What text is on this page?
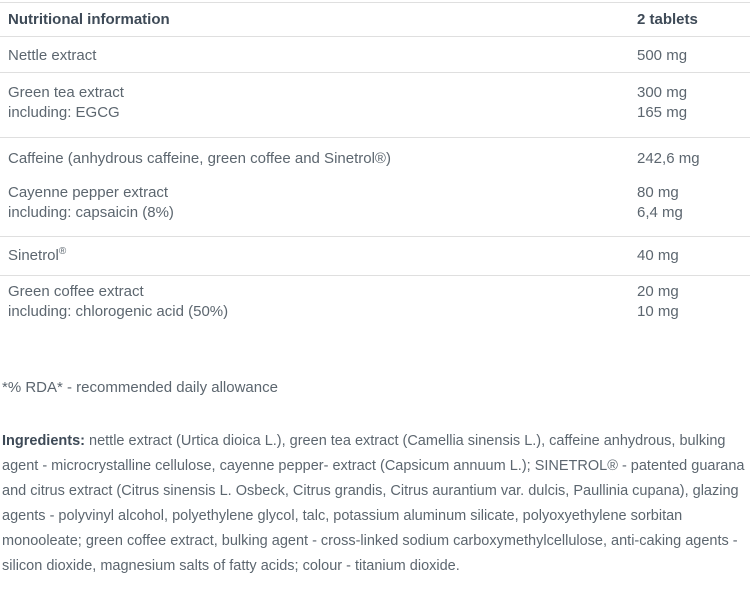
Nutritional information	2 tablets
Nettle extract	500 mg
Green tea extract	300 mg
including: EGCG	165 mg
Caffeine (anhydrous caffeine, green coffee and Sinetrol®)	242,6 mg
Cayenne pepper extract	80 mg
including: capsaicin (8%)	6,4 mg
Sinetrol®	40 mg
Green coffee extract	20 mg
including: chlorogenic acid (50%)	10 mg

*% RDA* - recommended daily allowance

Ingredients: nettle extract (Urtica dioica L.), green tea extract (Camellia sinensis L.), caffeine anhydrous, bulking agent - microcrystalline cellulose, cayenne pepper- extract (Capsicum annuum L.); SINETROL® - patented guarana and citrus extract (Citrus sinensis L. Osbeck, Citrus grandis, Citrus aurantium var. dulcis, Paullinia cupana), glazing agents - polyvinyl alcohol, polyethylene glycol, talc, potassium aluminum silicate, polyoxyethylene sorbitan monooleate; green coffee extract, bulking agent - cross-linked sodium carboxymethylcellulose, anti-caking agents - silicon dioxide, magnesium salts of fatty acids; colour - titanium dioxide.
